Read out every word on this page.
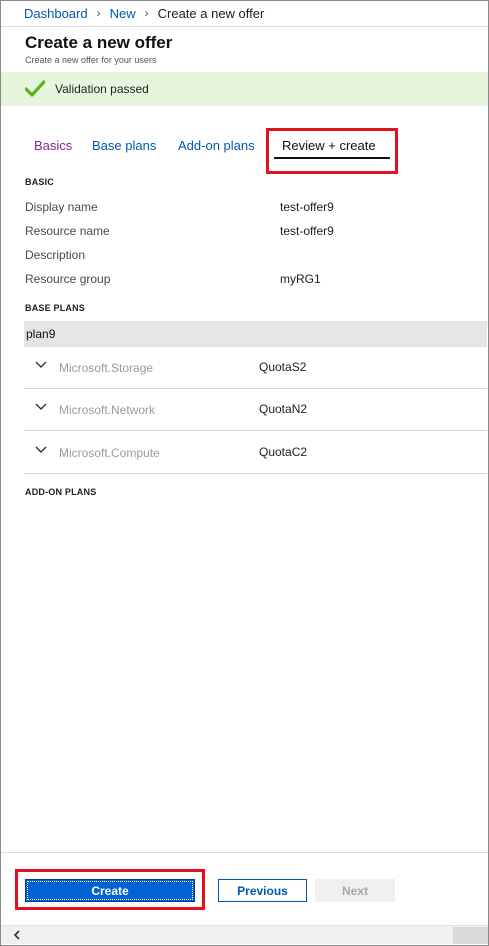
Dashboard › New › Create a new offer
Create a new offer
Create a new offer for your users
Validation passed
Basics Base plans Add-on plans Review + create
BASIC
Display name	test-offer9
Resource name	test-offer9
Description
Resource group	myRG1
BASE PLANS
plan9
Microsoft.Storage	QuotaS2
Microsoft.Network	QuotaN2
Microsoft.Compute	QuotaC2
ADD-ON PLANS
Create	Previous	Next
